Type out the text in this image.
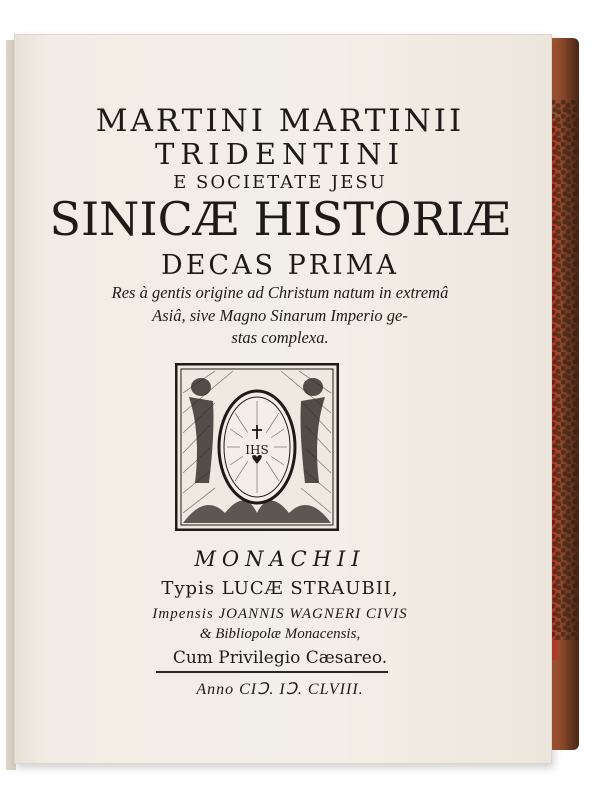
MARTINI MARTINII
TRIDENTINI
E SOCIETATE JESU
SINICÆ HISTORIÆ
DECAS PRIMA
Res à gentis origine ad Christum natum in extremâ
Asiâ, sive Magno Sinarum Imperio ge-
stas complexa.
IHS
MONACHII
Typis LUCÆ STRAUBII,
Impensis JOANNIS WAGNERI CIVIS
& Bibliopolæ Monacensis,
Cum Privilegio Cæsareo.
Anno CIↃ. IↃ. CLVIII.
